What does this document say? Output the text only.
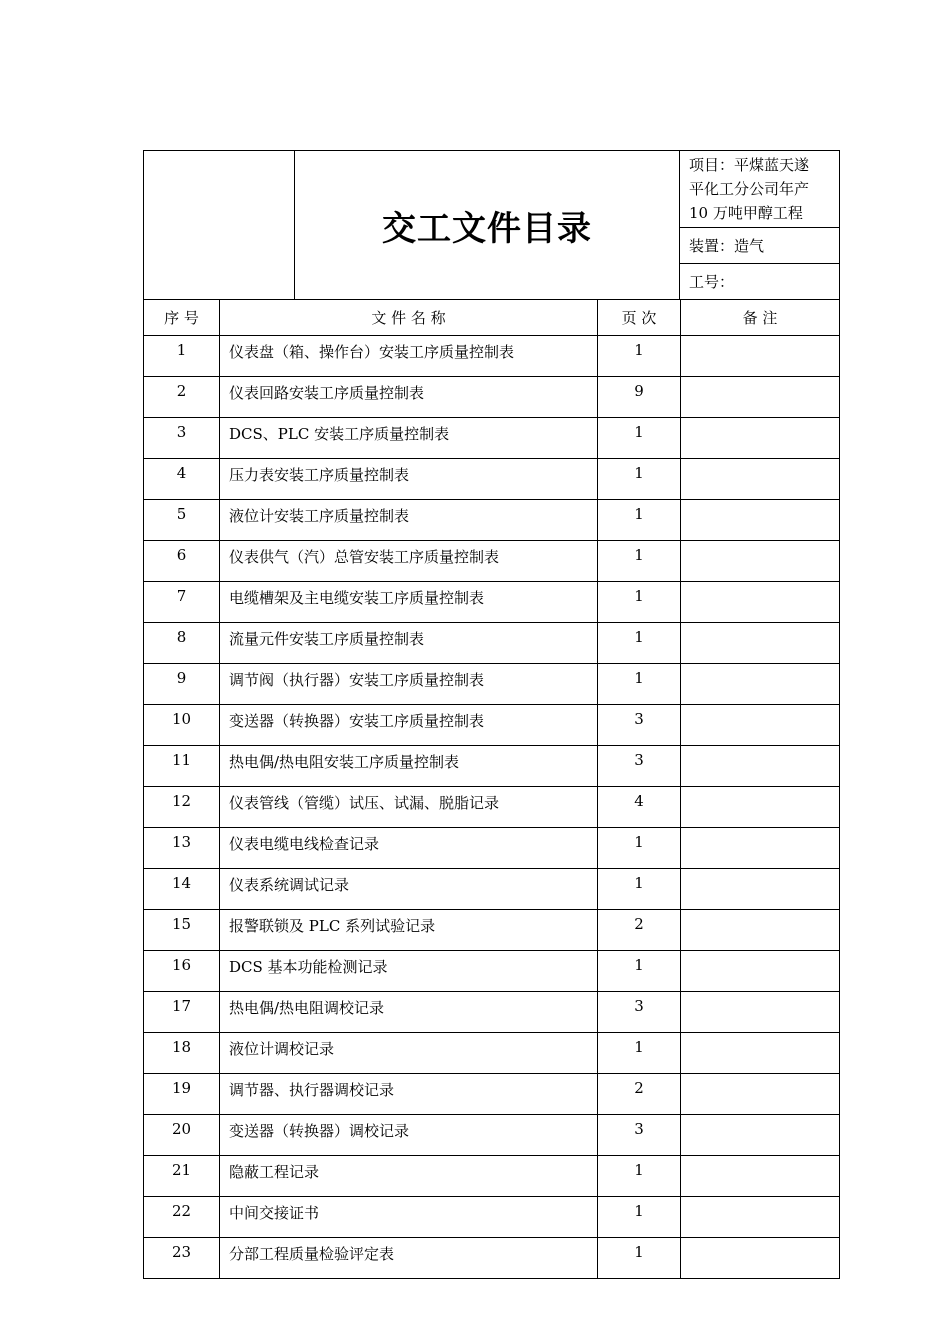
	交工文件目录	
项目：平煤蓝天遂
平化工分公司年产
10 万吨甲醇工程

装置：造气
工号：
序 号	文 件 名 称	页 次	备 注
1	仪表盘（箱、操作台）安装工序质量控制表	1	
2	仪表回路安装工序质量控制表	9	
3	DCS、PLC 安装工序质量控制表	1	
4	压力表安装工序质量控制表	1	
5	液位计安装工序质量控制表	1	
6	仪表供气（汽）总管安装工序质量控制表	1	
7	电缆槽架及主电缆安装工序质量控制表	1	
8	流量元件安装工序质量控制表	1	
9	调节阀（执行器）安装工序质量控制表	1	
10	变送器（转换器）安装工序质量控制表	3	
11	热电偶/热电阻安装工序质量控制表	3	
12	仪表管线（管缆）试压、试漏、脱脂记录	4	
13	仪表电缆电线检查记录	1	
14	仪表系统调试记录	1	
15	报警联锁及 PLC 系列试验记录	2	
16	DCS 基本功能检测记录	1	
17	热电偶/热电阻调校记录	3	
18	液位计调校记录	1	
19	调节器、执行器调校记录	2	
20	变送器（转换器）调校记录	3	
21	隐蔽工程记录	1	
22	中间交接证书	1	
23	分部工程质量检验评定表	1	
